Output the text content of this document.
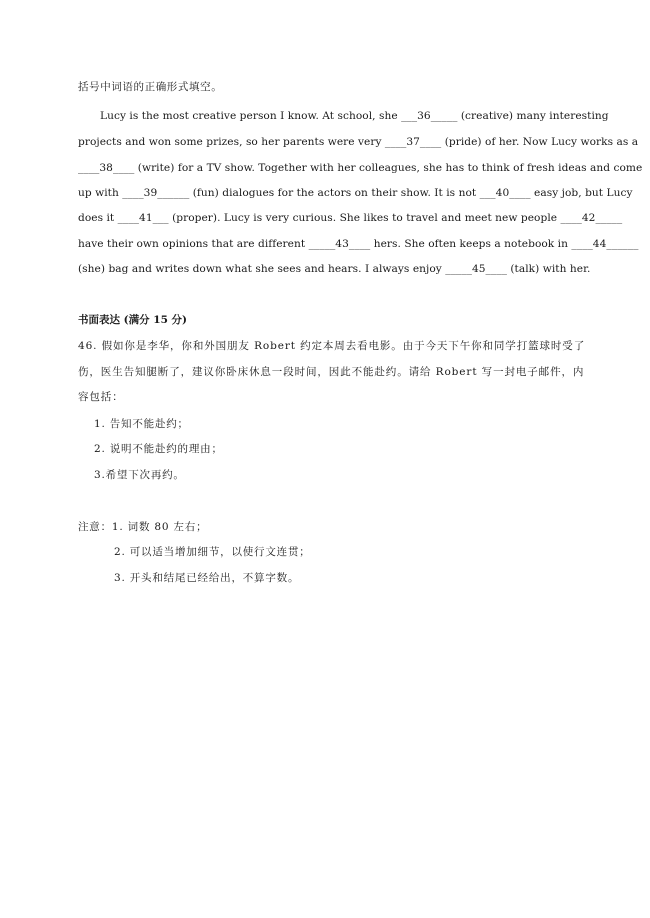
括号中词语的正确形式填空。
Lucy is the most creative person I know. At school, she ___36_____ (creative) many interesting
projects and won some prizes, so her parents were very ____37____ (pride) of her. Now Lucy works as a
____38____ (write) for a TV show. Together with her colleagues, she has to think of fresh ideas and come
up with ____39______ (fun) dialogues for the actors on their show. It is not ___40____ easy job, but Lucy
does it ____41___ (proper). Lucy is very curious. She likes to travel and meet new people ____42_____
have their own opinions that are different _____43____ hers. She often keeps a notebook in ____44______
(she) bag and writes down what she sees and hears. I always enjoy _____45____ (talk) with her.
书面表达 (满分 15 分)
46. 假如你是李华，你和外国朋友 Robert 约定本周去看电影。由于今天下午你和同学打篮球时受了
伤，医生告知腿断了，建议你卧床休息一段时间，因此不能赴约。请给 Robert 写一封电子邮件，内
容包括：
1. 告知不能赴约；
2. 说明不能赴约的理由；
3.希望下次再约。
注意：1. 词数 80 左右；
2. 可以适当增加细节，以使行文连贯；
3. 开头和结尾已经给出，不算字数。
